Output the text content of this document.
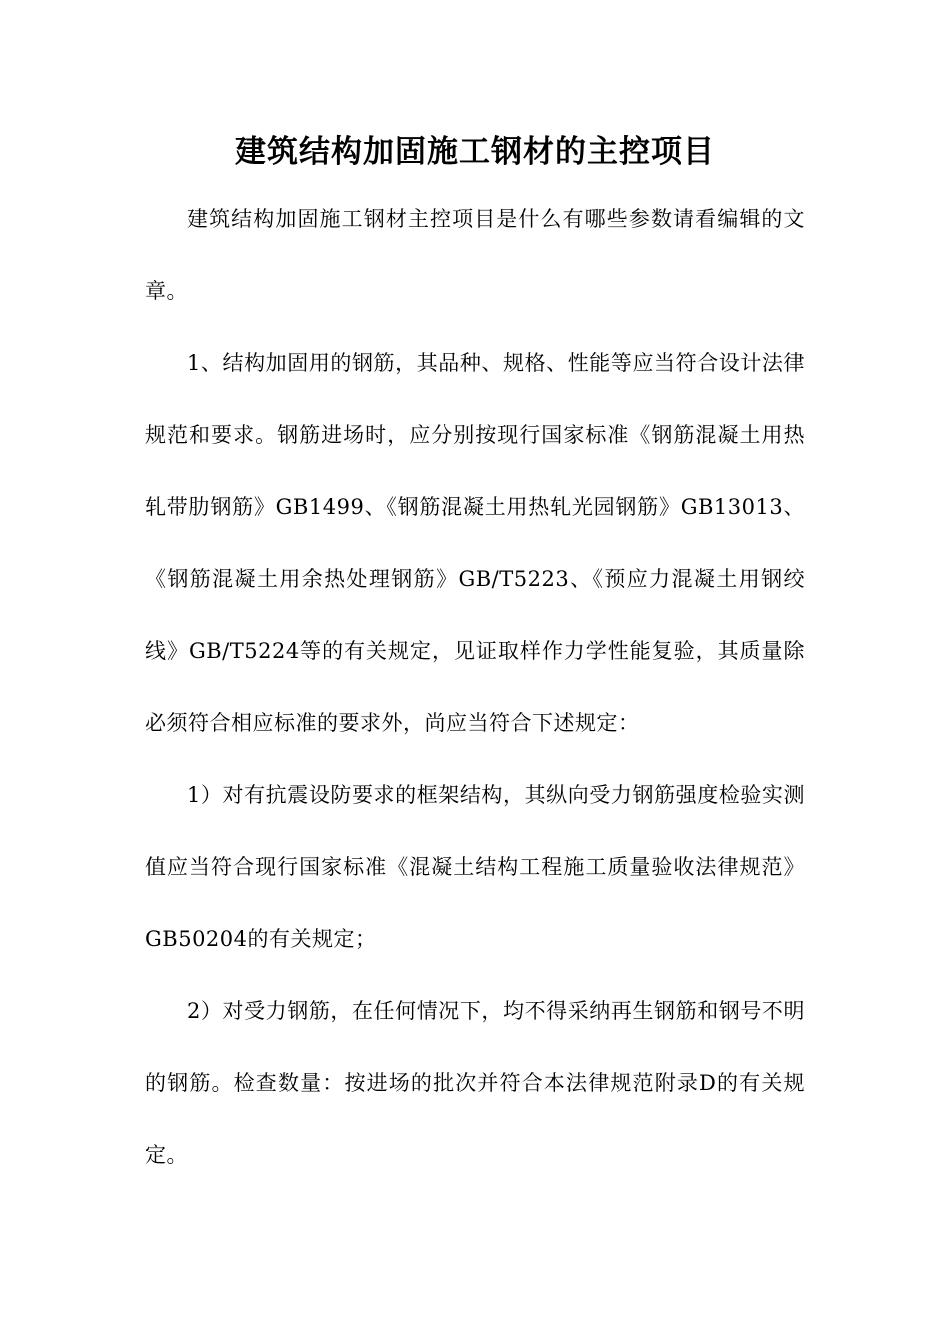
建筑结构加固施工钢材的主控项目

建筑结构加固施工钢材主控项目是什么有哪些参数请看编辑的文章。

1、结构加固用的钢筋，其品种、规格、性能等应当符合设计法律规范和要求。钢筋进场时，应分别按现行国家标准《钢筋混凝土用热轧带肋钢筋》GB1499、《钢筋混凝土用热轧光园钢筋》GB13013、《钢筋混凝土用余热处理钢筋》GB/T5223、《预应力混凝土用钢绞线》GB/T5224等的有关规定，见证取样作力学性能复验，其质量除必须符合相应标准的要求外，尚应当符合下述规定：

1）对有抗震设防要求的框架结构，其纵向受力钢筋强度检验实测值应当符合现行国家标准《混凝土结构工程施工质量验收法律规范》GB50204的有关规定；

2）对受力钢筋，在任何情况下，均不得采纳再生钢筋和钢号不明的钢筋。检查数量：按进场的批次并符合本法律规范附录D的有关规定。
